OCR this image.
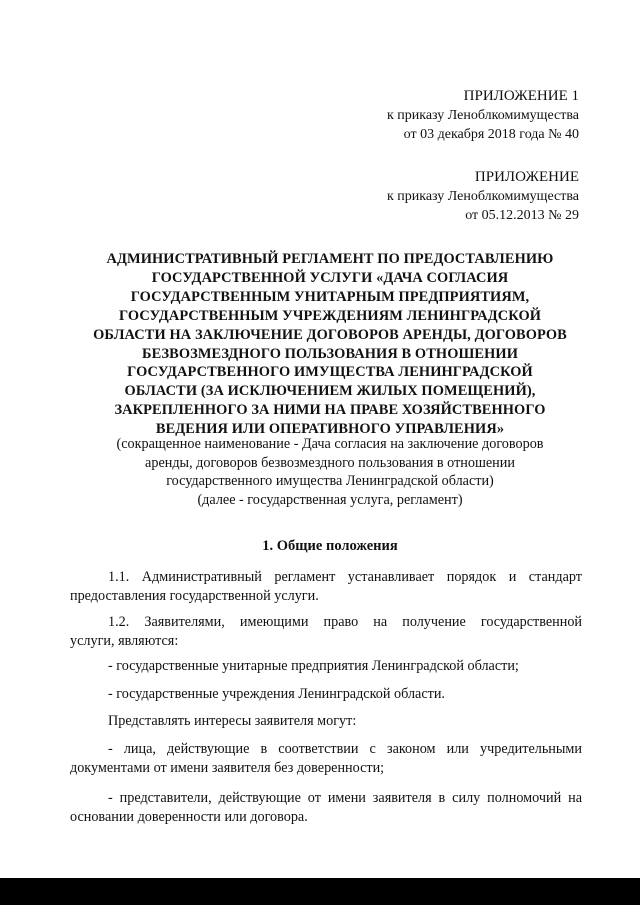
ПРИЛОЖЕНИЕ 1
к приказу Леноблкомимущества
от 03 декабря 2018 года № 40
ПРИЛОЖЕНИЕ
к приказу Леноблкомимущества
от 05.12.2013 № 29
АДМИНИСТРАТИВНЫЙ РЕГЛАМЕНТ ПО ПРЕДОСТАВЛЕНИЮ
ГОСУДАРСТВЕННОЙ УСЛУГИ «ДАЧА СОГЛАСИЯ
ГОСУДАРСТВЕННЫМ УНИТАРНЫМ ПРЕДПРИЯТИЯМ,
ГОСУДАРСТВЕННЫМ УЧРЕЖДЕНИЯМ ЛЕНИНГРАДСКОЙ
ОБЛАСТИ НА ЗАКЛЮЧЕНИЕ ДОГОВОРОВ АРЕНДЫ, ДОГОВОРОВ
БЕЗВОЗМЕЗДНОГО ПОЛЬЗОВАНИЯ В ОТНОШЕНИИ
ГОСУДАРСТВЕННОГО ИМУЩЕСТВА ЛЕНИНГРАДСКОЙ
ОБЛАСТИ (ЗА ИСКЛЮЧЕНИЕМ ЖИЛЫХ ПОМЕЩЕНИЙ),
ЗАКРЕПЛЕННОГО ЗА НИМИ НА ПРАВЕ ХОЗЯЙСТВЕННОГО
ВЕДЕНИЯ ИЛИ ОПЕРАТИВНОГО УПРАВЛЕНИЯ»
(сокращенное наименование - Дача согласия на заключение договоров
аренды, договоров безвозмездного пользования в отношении
государственного имущества Ленинградской области)
(далее - государственная услуга, регламент)
1. Общие положения
1.1. Административный регламент устанавливает порядок и стандарт
предоставления государственной услуги.
1.2. Заявителями, имеющими право на получение государственной
услуги, являются:
- государственные унитарные предприятия Ленинградской области;
- государственные учреждения Ленинградской области.
Представлять интересы заявителя могут:
- лица, действующие в соответствии с законом или учредительными
документами от имени заявителя без доверенности;
- представители, действующие от имени заявителя в силу полномочий на
основании доверенности или договора.
